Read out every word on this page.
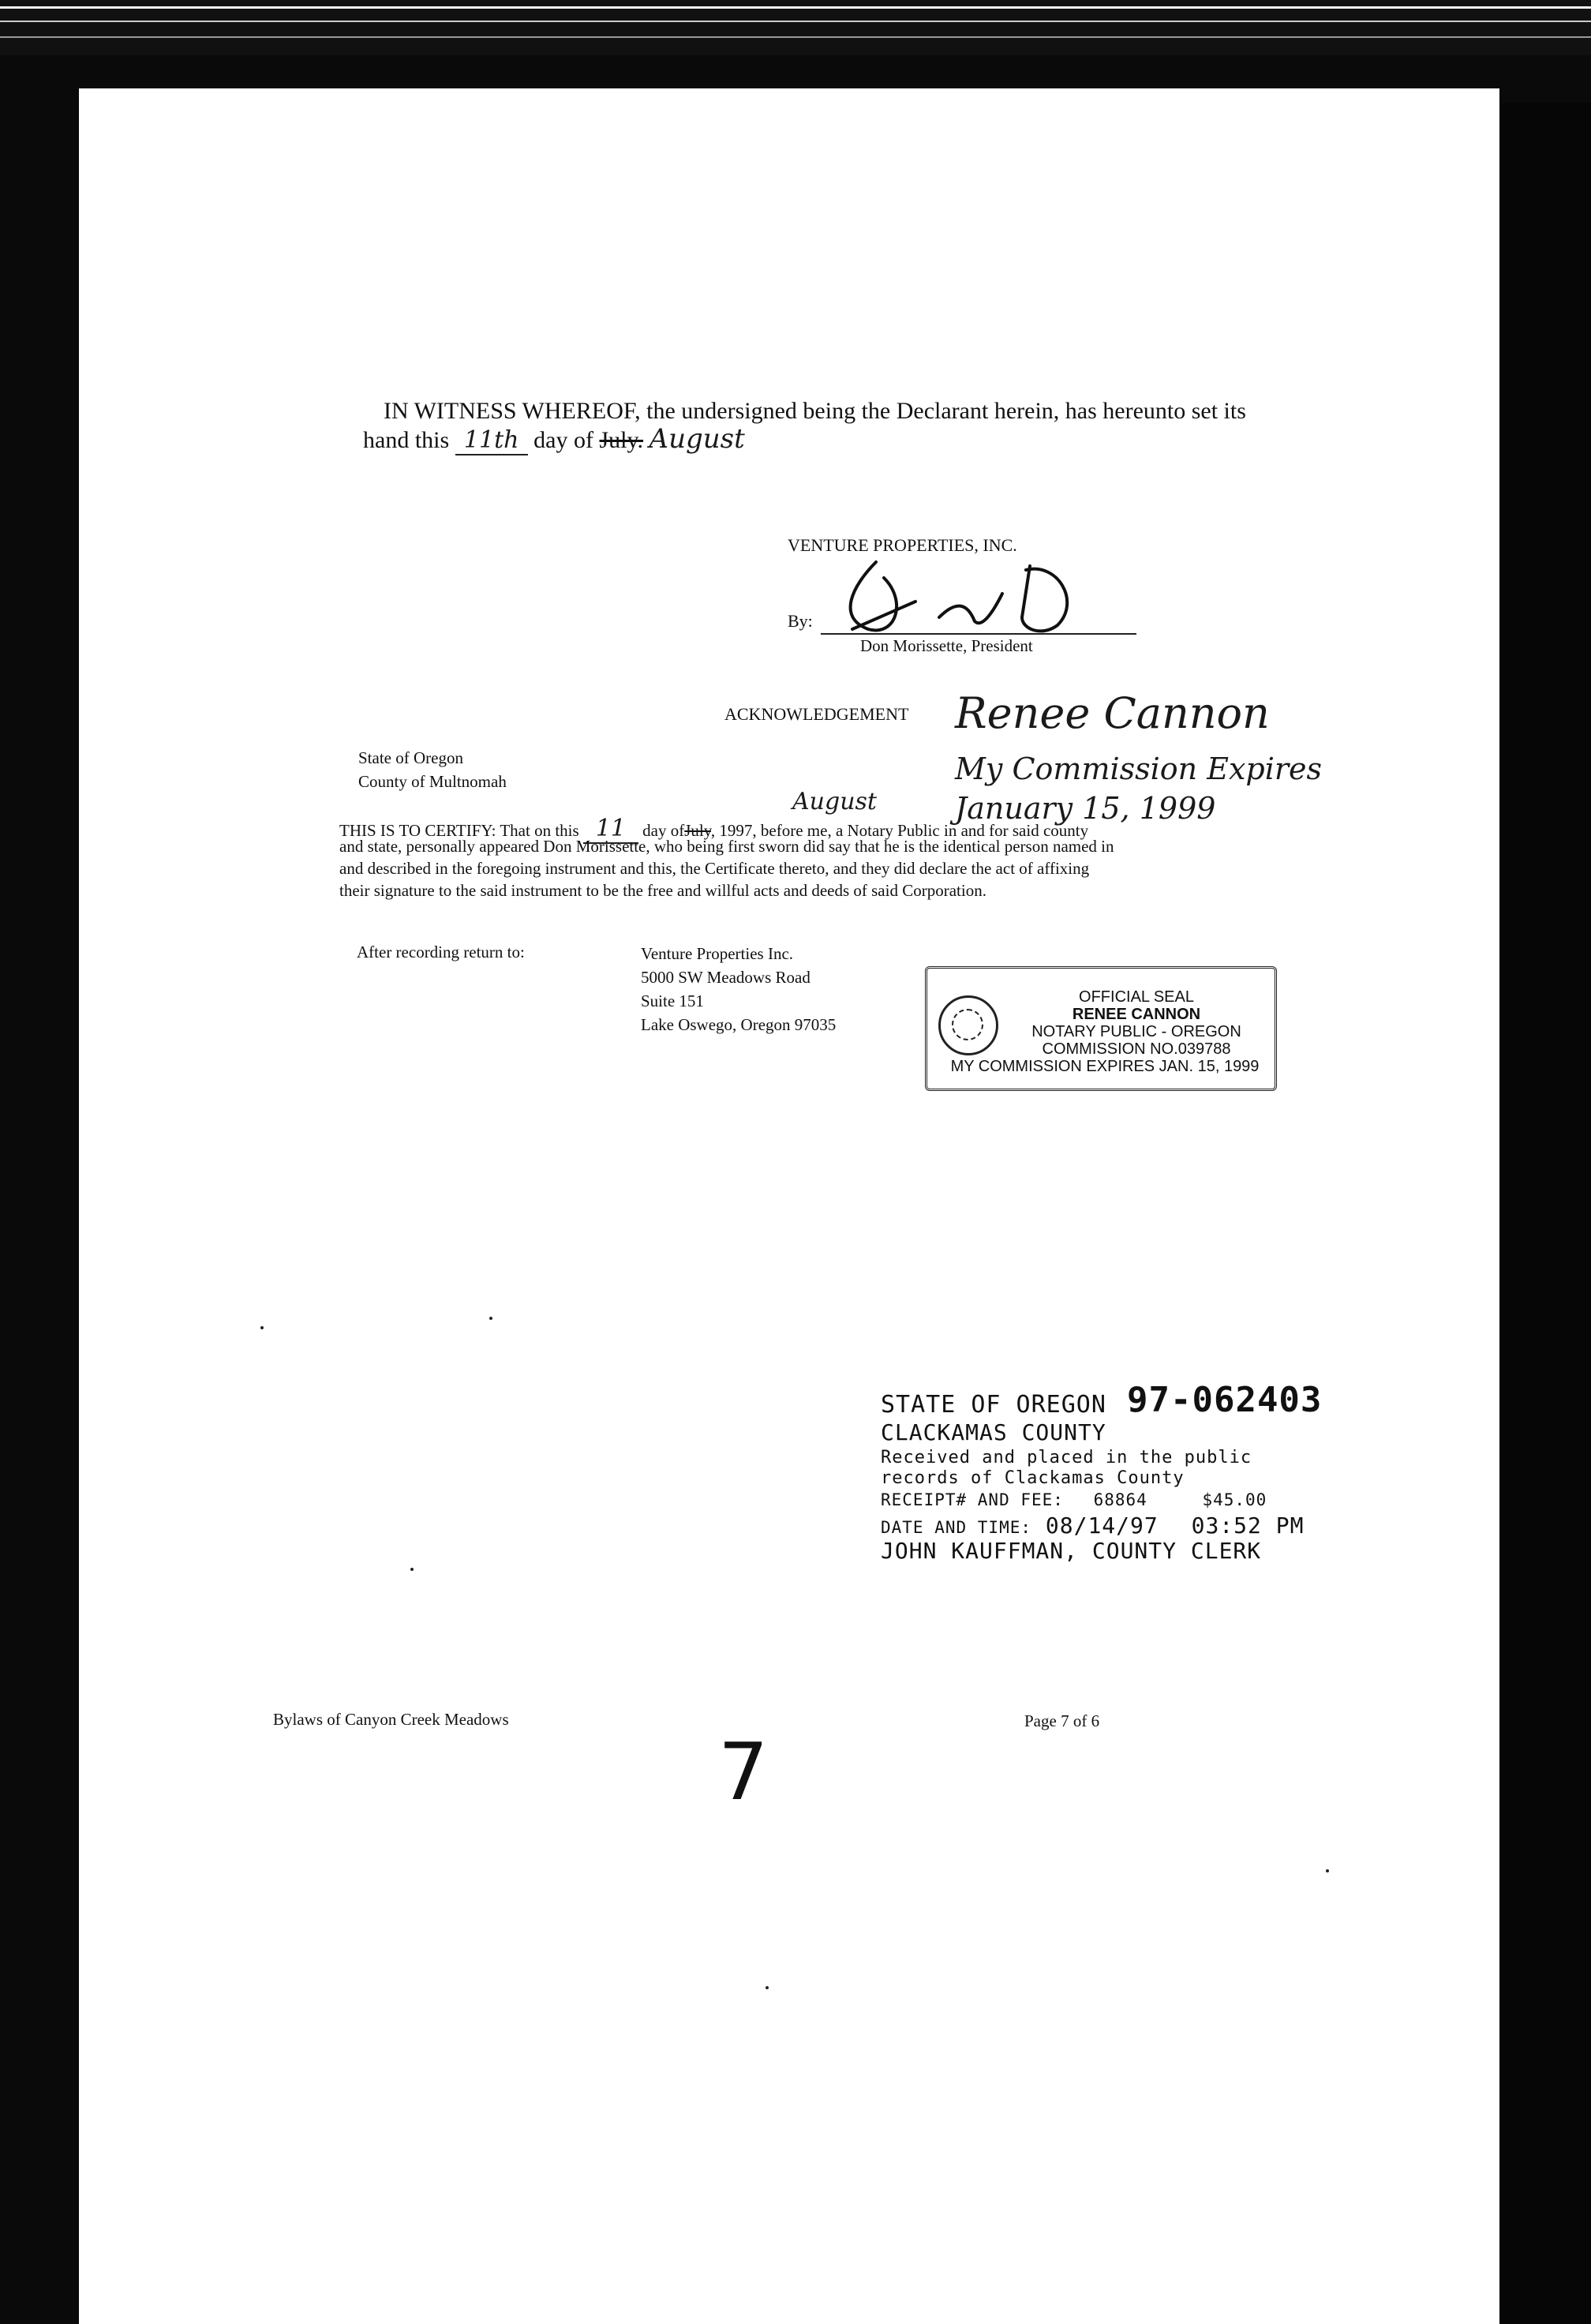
IN WITNESS WHEREOF, the undersigned being the Declarant herein, has hereunto set its
hand this 11th day of July. August
VENTURE PROPERTIES, INC.
By:
Don Morissette, President
ACKNOWLEDGEMENT Renee Cannon
My Commission Expires
January 15, 1999
State of Oregon
County of Multnomah
August
THIS IS TO CERTIFY: That on this 11 day ofJuly, 1997, before me, a Notary Public in and for said county
and state, personally appeared Don Morissette, who being first sworn did say that he is the identical person named in
and described in the foregoing instrument and this, the Certificate thereto, and they did declare the act of affixing
their signature to the said instrument to be the free and willful acts and deeds of said Corporation.
After recording return to:	Venture Properties Inc.
5000 SW Meadows Road
Suite 151
Lake Oswego, Oregon 97035
OFFICIAL SEAL
RENEE CANNON
NOTARY PUBLIC - OREGON
COMMISSION NO.039788
MY COMMISSION EXPIRES JAN. 15, 1999
STATE OF OREGON 97-062403
CLACKAMAS COUNTY
Received and placed in the public
records of Clackamas County
RECEIPT# AND FEE: 68864	$45.00
DATE AND TIME: 08/14/97 03:52 PM
JOHN KAUFFMAN, COUNTY CLERK
Bylaws of Canyon Creek Meadows	Page 7 of 6
7
